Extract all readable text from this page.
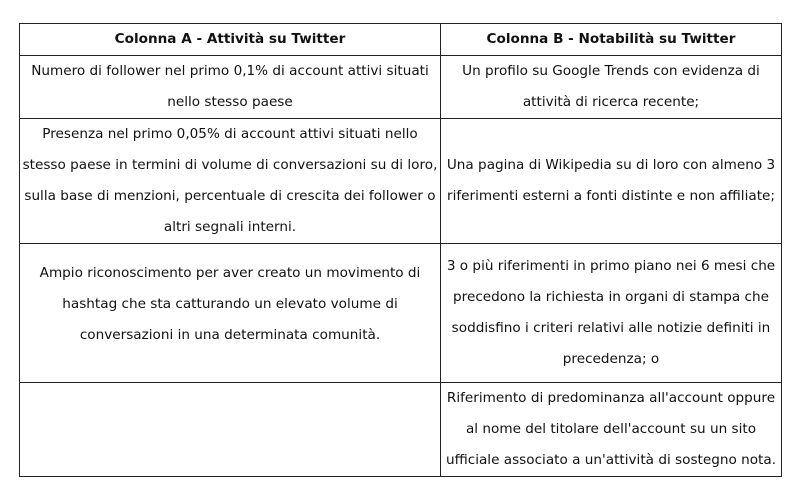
Colonna A - Attività su Twitter	Colonna B - Notabilità su Twitter
Numero di follower nel primo 0,1% di account attivi situati nello stesso paese	Un profilo su Google Trends con evidenza di attività di ricerca recente;
Presenza nel primo 0,05% di account attivi situati nello stesso paese in termini di volume di conversazioni su di loro, sulla base di menzioni, percentuale di crescita dei follower o altri segnali interni.	Una pagina di Wikipedia su di loro con almeno 3 riferimenti esterni a fonti distinte e non affiliate;
Ampio riconoscimento per aver creato un movimento di hashtag che sta catturando un elevato volume di conversazioni in una determinata comunità.	3 o più riferimenti in primo piano nei 6 mesi che precedono la richiesta in organi di stampa che soddisfino i criteri relativi alle notizie definiti in precedenza; o
	Riferimento di predominanza all'account oppure al nome del titolare dell'account su un sito ufficiale associato a un'attività di sostegno nota.
